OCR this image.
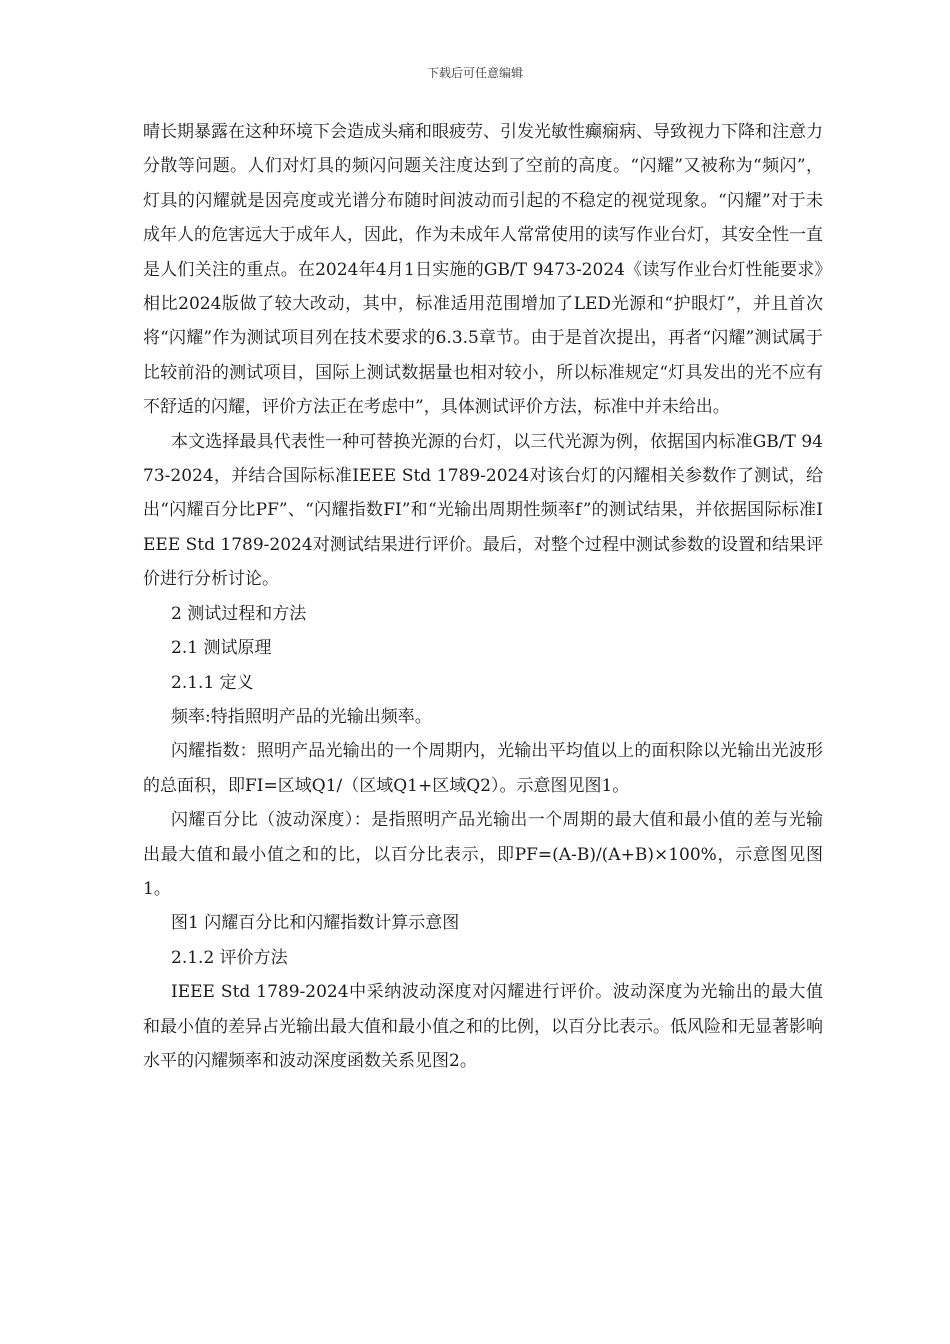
下载后可任意编辑

晴长期暴露在这种环境下会造成头痛和眼疲劳、引发光敏性癫痫病、导致视力下降和注意力分散等问题。人们对灯具的频闪问题关注度达到了空前的高度。“闪耀”又被称为“频闪”，灯具的闪耀就是因亮度或光谱分布随时间波动而引起的不稳定的视觉现象。“闪耀”对于未成年人的危害远大于成年人，因此，作为未成年人常常使用的读写作业台灯，其安全性一直是人们关注的重点。在2024年4月1日实施的GB/T 9473-2024《读写作业台灯性能要求》相比2024版做了较大改动，其中，标准适用范围增加了LED光源和“护眼灯”，并且首次将“闪耀”作为测试项目列在技术要求的6.3.5章节。由于是首次提出，再者“闪耀”测试属于比较前沿的测试项目，国际上测试数据量也相对较小，所以标准规定“灯具发出的光不应有不舒适的闪耀，评价方法正在考虑中”，具体测试评价方法，标准中并未给出。

本文选择最具代表性一种可替换光源的台灯，以三代光源为例，依据国内标准GB/T 9473-2024，并结合国际标准IEEE Std 1789-2024对该台灯的闪耀相关参数作了测试，给出“闪耀百分比PF”、“闪耀指数FI”和“光输出周期性频率f”的测试结果，并依据国际标准IEEE Std 1789-2024对测试结果进行评价。最后，对整个过程中测试参数的设置和结果评价进行分析讨论。

2 测试过程和方法

2.1 测试原理

2.1.1 定义

频率:特指照明产品的光输出频率。

闪耀指数：照明产品光输出的一个周期内，光输出平均值以上的面积除以光输出光波形的总面积，即FI=区域Q1/（区域Q1+区域Q2）。示意图见图1。

闪耀百分比（波动深度）：是指照明产品光输出一个周期的最大值和最小值的差与光输出最大值和最小值之和的比，以百分比表示，即PF=(A-B)/(A+B)×100%，示意图见图1。

图1 闪耀百分比和闪耀指数计算示意图

2.1.2 评价方法

IEEE Std 1789-2024中采纳波动深度对闪耀进行评价。波动深度为光输出的最大值和最小值的差异占光输出最大值和最小值之和的比例，以百分比表示。低风险和无显著影响水平的闪耀频率和波动深度函数关系见图2。
